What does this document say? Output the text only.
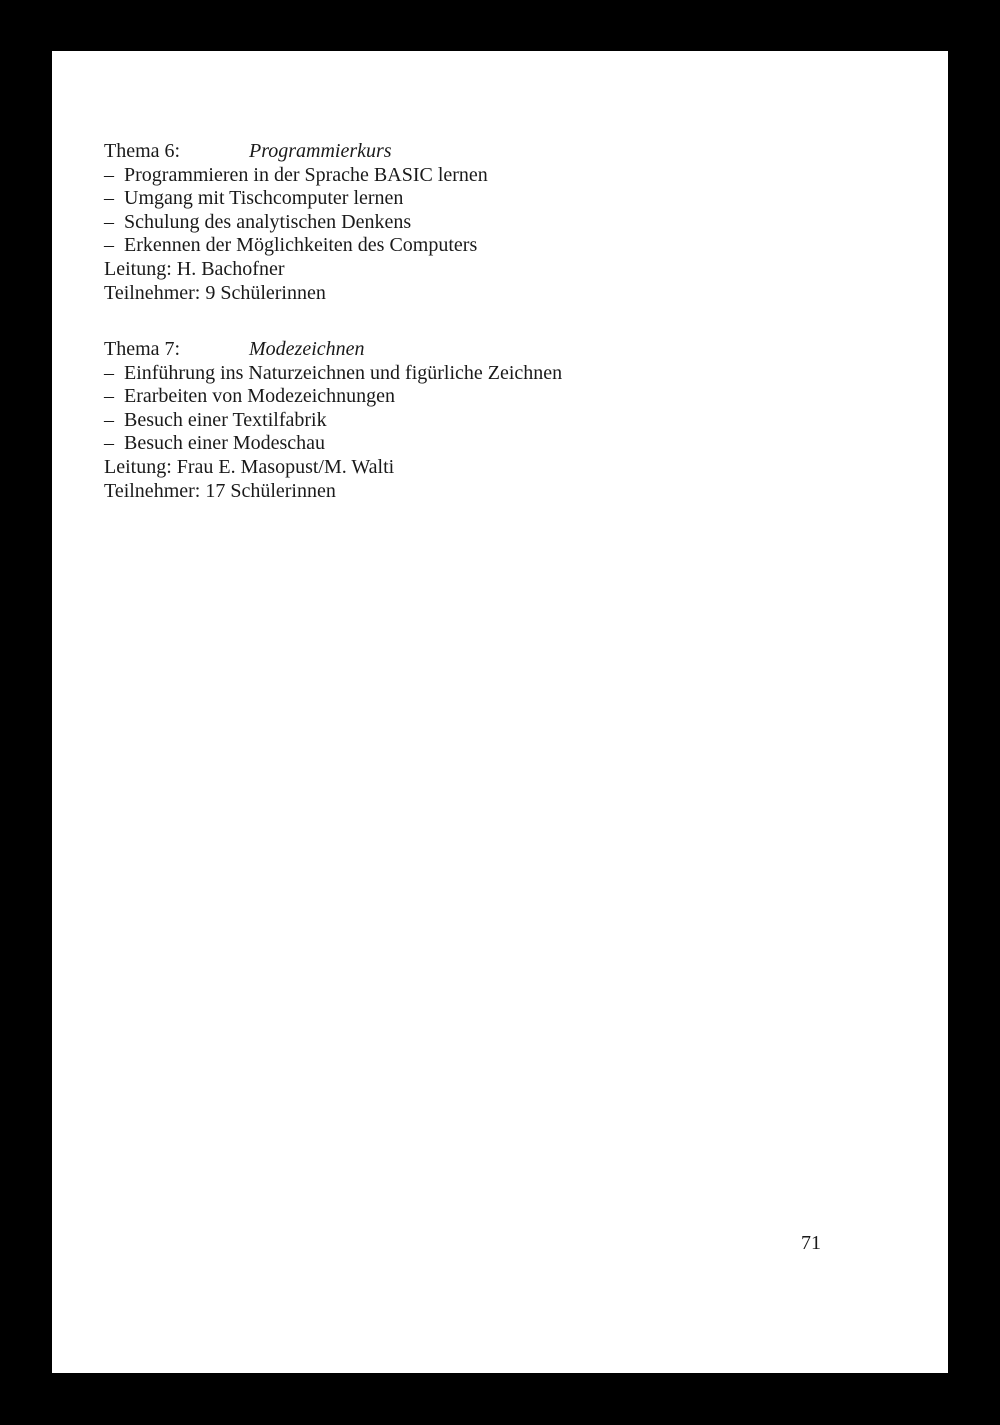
Thema 6:	Programmierkurs
– Programmieren in der Sprache BASIC lernen
– Umgang mit Tischcomputer lernen
– Schulung des analytischen Denkens
– Erkennen der Möglichkeiten des Computers
Leitung: H. Bachofner
Teilnehmer: 9 Schülerinnen
Thema 7:	Modezeichnen
– Einführung ins Naturzeichnen und figürliche Zeichnen
– Erarbeiten von Modezeichnungen
– Besuch einer Textilfabrik
– Besuch einer Modeschau
Leitung: Frau E. Masopust/M. Walti
Teilnehmer: 17 Schülerinnen
71
